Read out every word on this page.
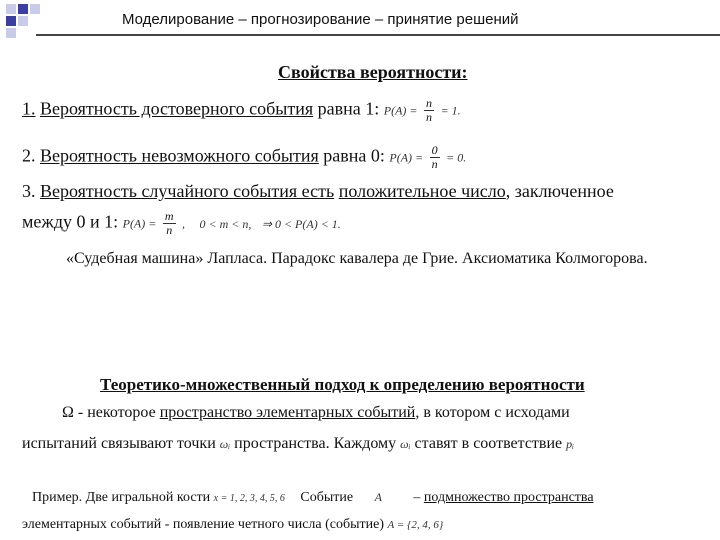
Моделирование – прогнозирование – принятие решений
Свойства вероятности:
1. Вероятность достоверного события равна 1: $P(A) = \frac{n}{n} = 1$.
2. Вероятность невозможного события равна 0: $P(A) = \frac{0}{n} = 0$.
3. Вероятность случайного события есть положительное число, заключенное
между 0 и 1: $P(A) = \frac{m}{n}$ , 0 < m < n, ⇒ 0 < P(A) < 1.
«Судебная машина» Лапласа. Парадокс кавалера де Гриe. Аксиоматика Колмогорова.
Теоретико-множественный подход к определению вероятности
Ω - некоторое пространство элементарных событий, в котором с исходами
испытаний связывают точки ωᵢ пространства. Каждому ωᵢ ставят в соответствие pᵢ
Пример. Две игральной кости x = 1, 2, 3, 4, 5, 6 Событие A – подмножество пространства
элементарных событий - появление четного числа (событие) A = {2, 4, 6}
